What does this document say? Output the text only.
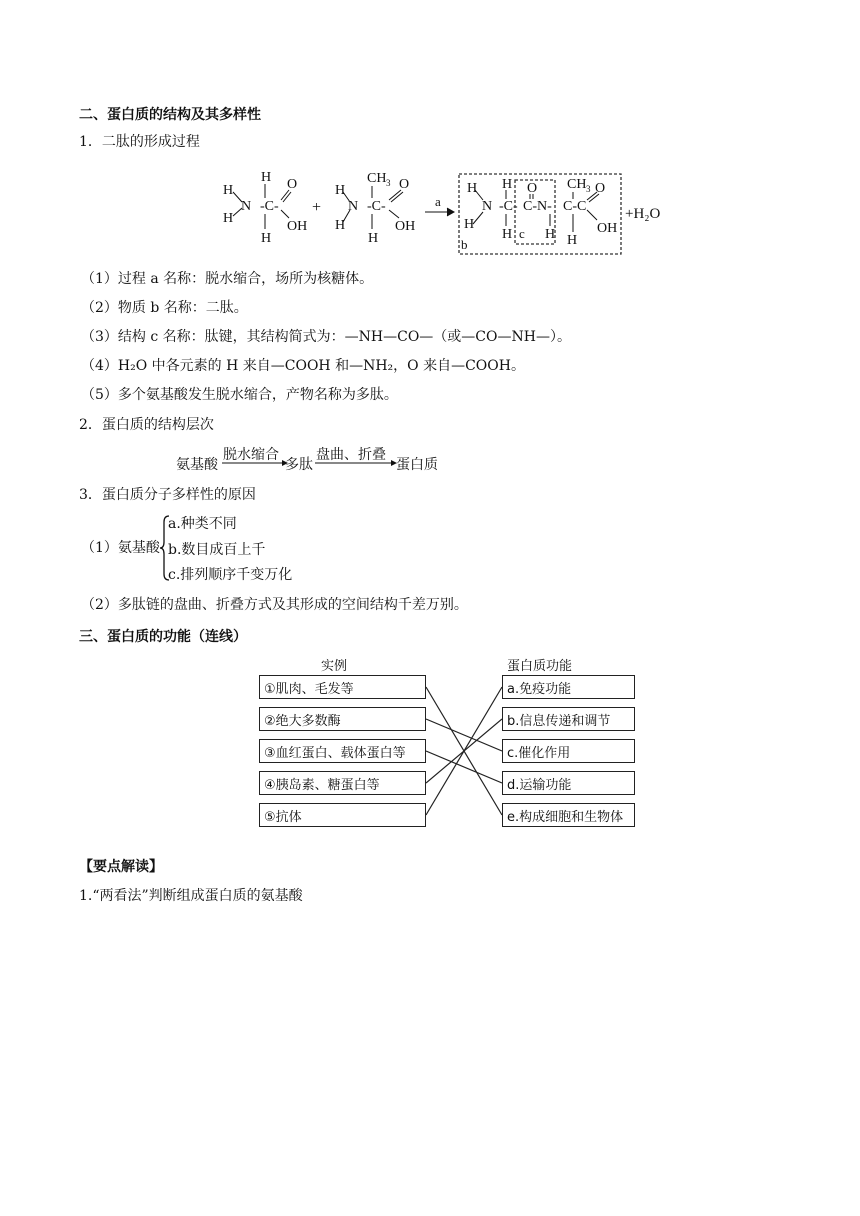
二、蛋白质的结构及其多样性
1．二肽的形成过程
H
H
N -C-
H
H
O
OH
+
H
H
N -C-
CH 3
H
O
OH
a
H
N
H
-C-
H
H
O
C-N-
H
C-C
CH 3
H
O
OH
b
c
+H₂O
（1）过程 a 名称：脱水缩合，场所为核糖体。
（2）物质 b 名称：二肽。
（3）结构 c 名称：肽键，其结构简式为：—NH—CO—（或—CO—NH—）。
（4）H₂O 中各元素的 H 来自—COOH 和—NH₂，O 来自—COOH。
（5）多个氨基酸发生脱水缩合，产物名称为多肽。
2．蛋白质的结构层次
氨基酸
脱水缩合
多肽
盘曲、折叠
蛋白质
3．蛋白质分子多样性的原因
（1）氨基酸
a.种类不同
b.数目成百上千
c.排列顺序千变万化
（2）多肽链的盘曲、折叠方式及其形成的空间结构千差万别。
三、蛋白质的功能（连线）
实例	蛋白质功能
①肌肉、毛发等
②绝大多数酶
③血红蛋白、载体蛋白等
④胰岛素、糖蛋白等
⑤抗体
a.免疫功能
b.信息传递和调节
c.催化作用
d.运输功能
e.构成细胞和生物体
【要点解读】
1.“两看法”判断组成蛋白质的氨基酸
